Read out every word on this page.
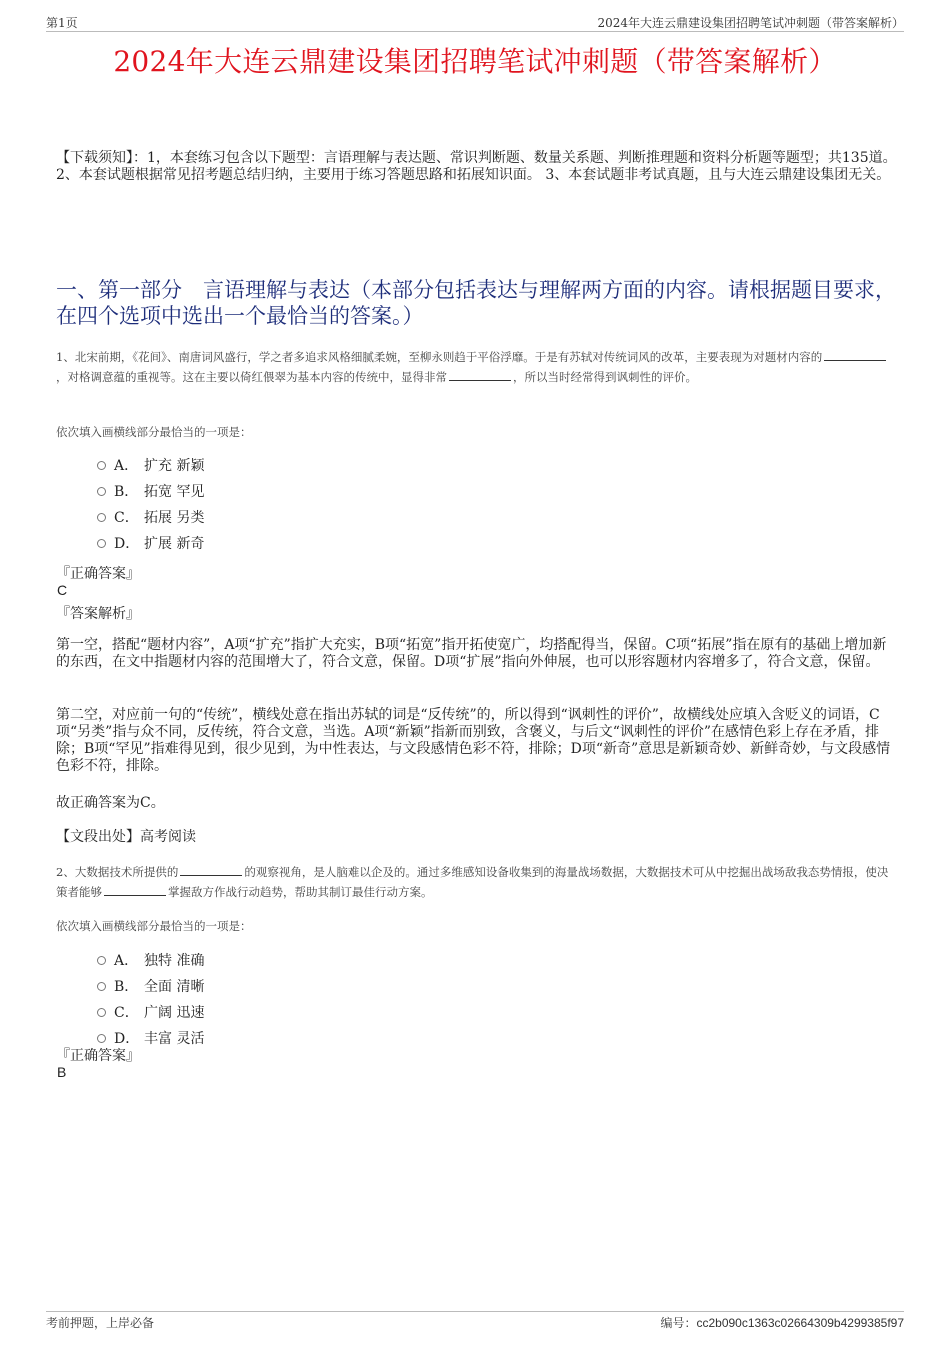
第1页	2024年大连云鼎建设集团招聘笔试冲刺题（带答案解析）
2024年大连云鼎建设集团招聘笔试冲刺题（带答案解析）
【下载须知】：1，本套练习包含以下题型：言语理解与表达题、常识判断题、数量关系题、判断推理题和资料分析题等题型；共135道。 2、本套试题根据常见招考题总结归纳，主要用于练习答题思路和拓展知识面。 3、本套试题非考试真题，且与大连云鼎建设集团无关。
一、第一部分　言语理解与表达（本部分包括表达与理解两方面的内容。请根据题目要求，在四个选项中选出一个最恰当的答案。）
1、北宋前期，《花间》、南唐词风盛行，学之者多追求风格细腻柔婉，至柳永则趋于平俗浮靡。于是有苏轼对传统词风的改革，主要表现为对题材内容的，对格调意蕴的重视等。这在主要以倚红偎翠为基本内容的传统中，显得非常	，所以当时经常得到讽刺性的评价。
依次填入画横线部分最恰当的一项是：
A． 扩充 新颖
B． 拓宽 罕见
C． 拓展 另类
D． 扩展 新奇
『正确答案』
C
『答案解析』
第一空，搭配“题材内容”，A项“扩充”指扩大充实，B项“拓宽”指开拓使宽广，均搭配得当，保留。C项“拓展”指在原有的基础上增加新的东西，在文中指题材内容的范围增大了，符合文意，保留。D项“扩展”指向外伸展，也可以形容题材内容增多了，符合文意，保留。
第二空，对应前一句的“传统”，横线处意在指出苏轼的词是“反传统”的，所以得到“讽刺性的评价”，故横线处应填入含贬义的词语，C项“另类”指与众不同，反传统，符合文意，当选。A项“新颖”指新而别致，含褒义，与后文“讽刺性的评价”在感情色彩上存在矛盾，排除；B项“罕见”指难得见到，很少见到，为中性表达，与文段感情色彩不符，排除；D项“新奇”意思是新颖奇妙、新鲜奇妙，与文段感情色彩不符，排除。
故正确答案为C。
【文段出处】高考阅读
2、大数据技术所提供的	的观察视角，是人脑难以企及的。通过多维感知设备收集到的海量战场数据，大数据技术可从中挖掘出战场敌我态势情报，使决策者能够	掌握敌方作战行动趋势，帮助其制订最佳行动方案。
依次填入画横线部分最恰当的一项是：
A． 独特 准确
B． 全面 清晰
C． 广阔 迅速
D． 丰富 灵活
『正确答案』
B
考前押题，上岸必备	编号：cc2b090c1363c02664309b4299385f97
